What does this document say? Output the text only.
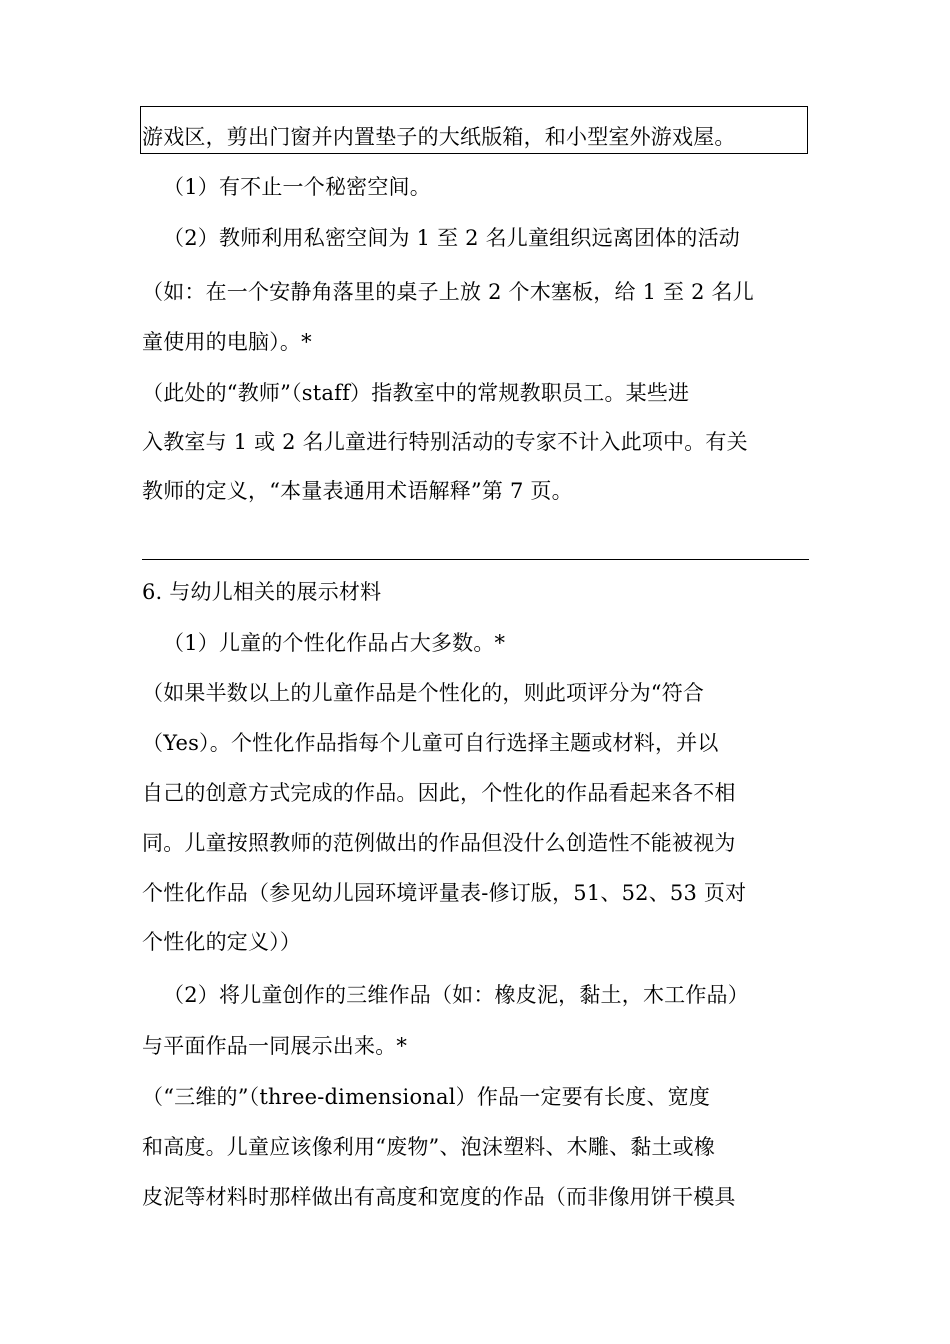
游戏区，剪出门窗并内置垫子的大纸版箱，和小型室外游戏屋。
（1）有不止一个秘密空间。
（2）教师利用私密空间为 1 至 2 名儿童组织远离团体的活动
（如：在一个安静角落里的桌子上放 2 个木塞板，给 1 至 2 名儿
童使用的电脑）。*
（此处的“教师”（staff）指教室中的常规教职员工。某些进
入教室与 1 或 2 名儿童进行特别活动的专家不计入此项中。有关
教师的定义，“本量表通用术语解释”第 7 页。
6. 与幼儿相关的展示材料
（1）儿童的个性化作品占大多数。*
（如果半数以上的儿童作品是个性化的，则此项评分为“符合
（Yes）。个性化作品指每个儿童可自行选择主题或材料，并以
自己的创意方式完成的作品。因此，个性化的作品看起来各不相
同。儿童按照教师的范例做出的作品但没什么创造性不能被视为
个性化作品（参见幼儿园环境评量表-修订版，51、52、53 页对
个性化的定义））
（2）将儿童创作的三维作品（如：橡皮泥，黏土，木工作品）
与平面作品一同展示出来。*
（“三维的”（three-dimensional）作品一定要有长度、宽度
和高度。儿童应该像利用“废物”、泡沫塑料、木雕、黏土或橡
皮泥等材料时那样做出有高度和宽度的作品（而非像用饼干模具
